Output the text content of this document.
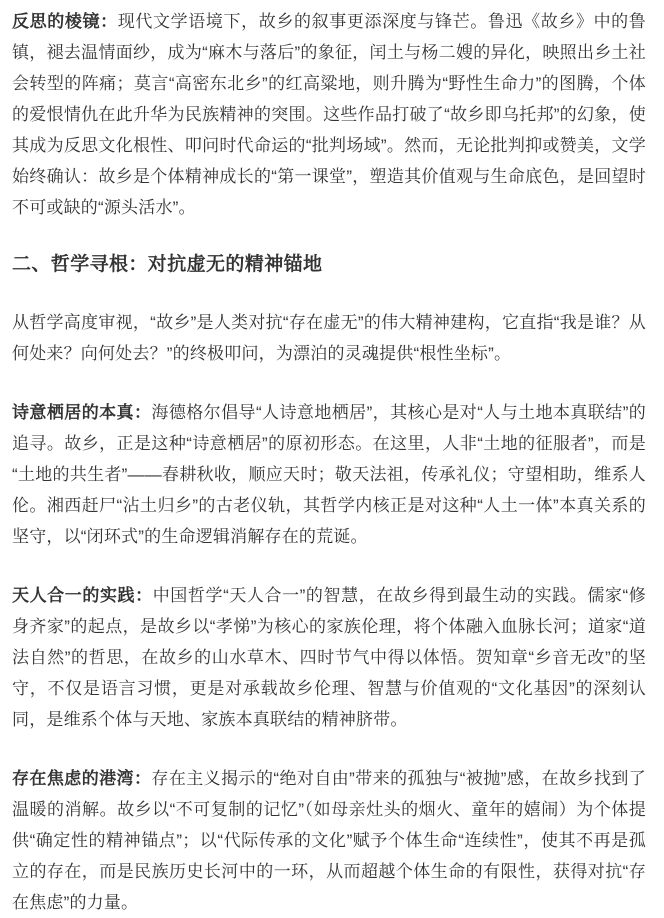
反思的棱镜：现代文学语境下，故乡的叙事更添深度与锋芒。鲁迅《故乡》中的鲁镇，褪去温情面纱，成为“麻木与落后”的象征，闰土与杨二嫂的异化，映照出乡土社会转型的阵痛；莫言“高密东北乡”的红高粱地，则升腾为“野性生命力”的图腾，个体的爱恨情仇在此升华为民族精神的突围。这些作品打破了“故乡即乌托邦”的幻象，使其成为反思文化根性、叩问时代命运的“批判场域”。然而，无论批判抑或赞美，文学始终确认：故乡是个体精神成长的“第一课堂”，塑造其价值观与生命底色，是回望时不可或缺的“源头活水”。

二、哲学寻根：对抗虚无的精神锚地

从哲学高度审视，“故乡”是人类对抗“存在虚无”的伟大精神建构，它直指“我是谁？从何处来？向何处去？”的终极叩问，为漂泊的灵魂提供“根性坐标”。

诗意栖居的本真：海德格尔倡导“人诗意地栖居”，其核心是对“人与土地本真联结”的追寻。故乡，正是这种“诗意栖居”的原初形态。在这里，人非“土地的征服者”，而是“土地的共生者”——春耕秋收，顺应天时；敬天法祖，传承礼仪；守望相助，维系人伦。湘西赶尸“沾土归乡”的古老仪轨，其哲学内核正是对这种“人土一体”本真关系的坚守，以“闭环式”的生命逻辑消解存在的荒诞。

天人合一的实践：中国哲学“天人合一”的智慧，在故乡得到最生动的实践。儒家“修身齐家”的起点，是故乡以“孝悌”为核心的家族伦理，将个体融入血脉长河；道家“道法自然”的哲思，在故乡的山水草木、四时节气中得以体悟。贺知章“乡音无改”的坚守，不仅是语言习惯，更是对承载故乡伦理、智慧与价值观的“文化基因”的深刻认同，是维系个体与天地、家族本真联结的精神脐带。

存在焦虑的港湾：存在主义揭示的“绝对自由”带来的孤独与“被抛”感，在故乡找到了温暖的消解。故乡以“不可复制的记忆”（如母亲灶头的烟火、童年的嬉闹）为个体提供“确定性的精神锚点”；以“代际传承的文化”赋予个体生命“连续性”，使其不再是孤立的存在，而是民族历史长河中的一环，从而超越个体生命的有限性，获得对抗“存在焦虑”的力量。
